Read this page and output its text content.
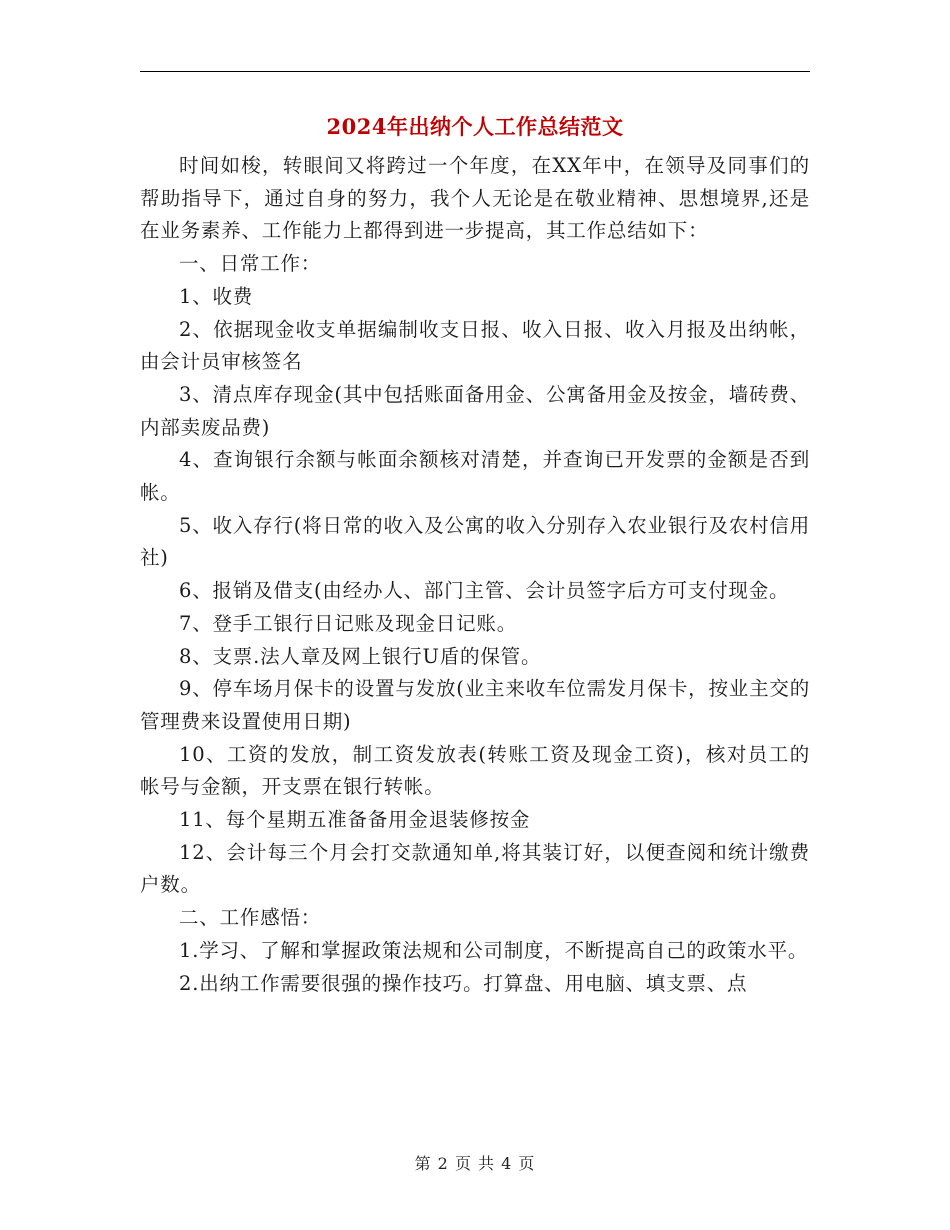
2024年出纳个人工作总结范文

时间如梭，转眼间又将跨过一个年度，在XX年中，在领导及同事们的帮助指导下，通过自身的努力，我个人无论是在敬业精神、思想境界,还是在业务素养、工作能力上都得到进一步提高，其工作总结如下：

一、日常工作：

1、收费

2、依据现金收支单据编制收支日报、收入日报、收入月报及出纳帐，由会计员审核签名

3、清点库存现金(其中包括账面备用金、公寓备用金及按金，墙砖费、内部卖废品费)

4、查询银行余额与帐面余额核对清楚，并查询已开发票的金额是否到帐。

5、收入存行(将日常的收入及公寓的收入分别存入农业银行及农村信用社)

6、报销及借支(由经办人、部门主管、会计员签字后方可支付现金。

7、登手工银行日记账及现金日记账。

8、支票.法人章及网上银行U盾的保管。

9、停车场月保卡的设置与发放(业主来收车位需发月保卡，按业主交的管理费来设置使用日期)

10、工资的发放，制工资发放表(转账工资及现金工资)，核对员工的帐号与金额，开支票在银行转帐。

11、每个星期五准备备用金退装修按金

12、会计每三个月会打交款通知单,将其装订好，以便查阅和统计缴费户数。

二、工作感悟：

1.学习、了解和掌握政策法规和公司制度，不断提高自己的政策水平。

2.出纳工作需要很强的操作技巧。打算盘、用电脑、填支票、点

第 2 页 共 4 页
